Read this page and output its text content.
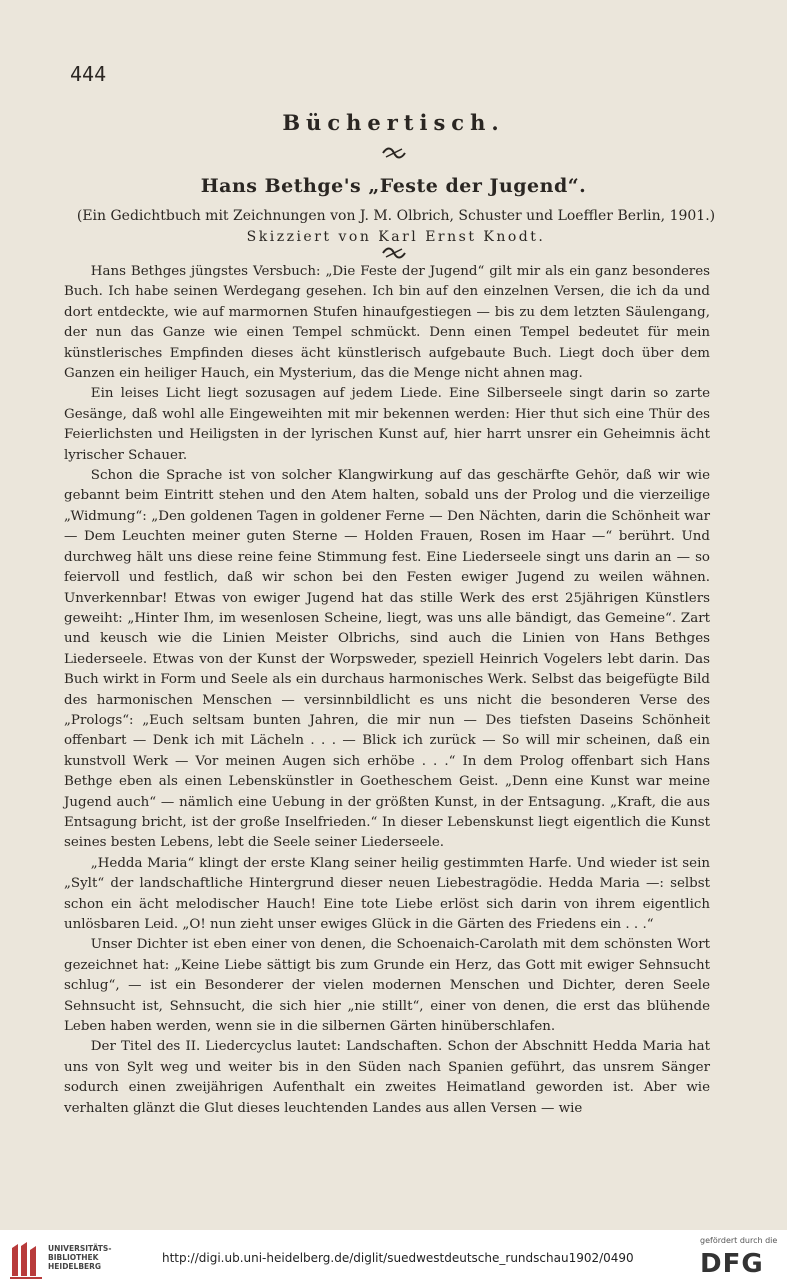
444
Büchertisch.
Hans Bethge's „Feste der Jugend“.
(Ein Gedichtbuch mit Zeichnungen von J. M. Olbrich, Schuster und Loeffler Berlin, 1901.)
Skizziert von Karl Ernst Knodt.

Hans Bethges jüngstes Versbuch: „Die Feste der Jugend“ gilt mir als ein ganz besonderes Buch. Ich habe seinen Werdegang gesehen. Ich bin auf den einzelnen Versen, die ich da und dort entdeckte, wie auf marmornen Stufen hinaufgestiegen — bis zu dem letzten Säulengang, der nun das Ganze wie einen Tempel schmückt. Denn einen Tempel bedeutet für mein künstlerisches Empfinden dieses ächt künstlerisch aufgebaute Buch. Liegt doch über dem Ganzen ein heiliger Hauch, ein Mysterium, das die Menge nicht ahnen mag.

Ein leises Licht liegt sozusagen auf jedem Liede. Eine Silberseele singt darin so zarte Gesänge, daß wohl alle Eingeweihten mit mir bekennen werden: Hier thut sich eine Thür des Feierlichsten und Heiligsten in der lyrischen Kunst auf, hier harrt unsrer ein Geheimnis ächt lyrischer Schauer.

Schon die Sprache ist von solcher Klangwirkung auf das geschärfte Gehör, daß wir wie gebannt beim Eintritt stehen und den Atem halten, sobald uns der Prolog und die vierzeilige „Widmung“: „Den goldenen Tagen in goldener Ferne — Den Nächten, darin die Schönheit war — Dem Leuchten meiner guten Sterne — Holden Frauen, Rosen im Haar —“ berührt. Und durchweg hält uns diese reine feine Stimmung fest. Eine Liederseele singt uns darin an — so feiervoll und festlich, daß wir schon bei den Festen ewiger Jugend zu weilen wähnen. Unverkennbar! Etwas von ewiger Jugend hat das stille Werk des erst 25jährigen Künstlers geweiht: „Hinter Ihm, im wesenlosen Scheine, liegt, was uns alle bändigt, das Gemeine“. Zart und keusch wie die Linien Meister Olbrichs, sind auch die Linien von Hans Bethges Liederseele. Etwas von der Kunst der Worpsweder, speziell Heinrich Vogelers lebt darin. Das Buch wirkt in Form und Seele als ein durchaus harmonisches Werk. Selbst das beigefügte Bild des harmonischen Menschen — versinnbildlicht es uns nicht die besonderen Verse des „Prologs“: „Euch seltsam bunten Jahren, die mir nun — Des tiefsten Daseins Schönheit offenbart — Denk ich mit Lächeln . . . — Blick ich zurück — So will mir scheinen, daß ein kunstvoll Werk — Vor meinen Augen sich erhöbe . . .“ In dem Prolog offenbart sich Hans Bethge eben als einen Lebenskünstler in Goetheschem Geist. „Denn eine Kunst war meine Jugend auch“ — nämlich eine Uebung in der größten Kunst, in der Entsagung. „Kraft, die aus Entsagung bricht, ist der große Inselfrieden.“ In dieser Lebenskunst liegt eigentlich die Kunst seines besten Lebens, lebt die Seele seiner Liederseele.

„Hedda Maria“ klingt der erste Klang seiner heilig gestimmten Harfe. Und wieder ist sein „Sylt“ der landschaftliche Hintergrund dieser neuen Liebestragödie. Hedda Maria —: selbst schon ein ächt melodischer Hauch! Eine tote Liebe erlöst sich darin von ihrem eigentlich unlösbaren Leid. „O! nun zieht unser ewiges Glück in die Gärten des Friedens ein . . .“

Unser Dichter ist eben einer von denen, die Schoenaich-Carolath mit dem schönsten Wort gezeichnet hat: „Keine Liebe sättigt bis zum Grunde ein Herz, das Gott mit ewiger Sehnsucht schlug“, — ist ein Besonderer der vielen modernen Menschen und Dichter, deren Seele Sehnsucht ist, Sehnsucht, die sich hier „nie stillt“, einer von denen, die erst das blühende Leben haben werden, wenn sie in die silbernen Gärten hinüberschlafen.

Der Titel des II. Liedercyclus lautet: Landschaften. Schon der Abschnitt Hedda Maria hat uns von Sylt weg und weiter bis in den Süden nach Spanien geführt, das unsrem Sänger sodurch einen zweijährigen Aufenthalt ein zweites Heimatland geworden ist. Aber wie verhalten glänzt die Glut dieses leuchtenden Landes aus allen Versen — wie

UNIVERSITÄTS-
BIBLIOTHEK
HEIDELBERG
http://digi.ub.uni-heidelberg.de/diglit/suedwestdeutsche_rundschau1902/0490
gefördert durch die
DFG
